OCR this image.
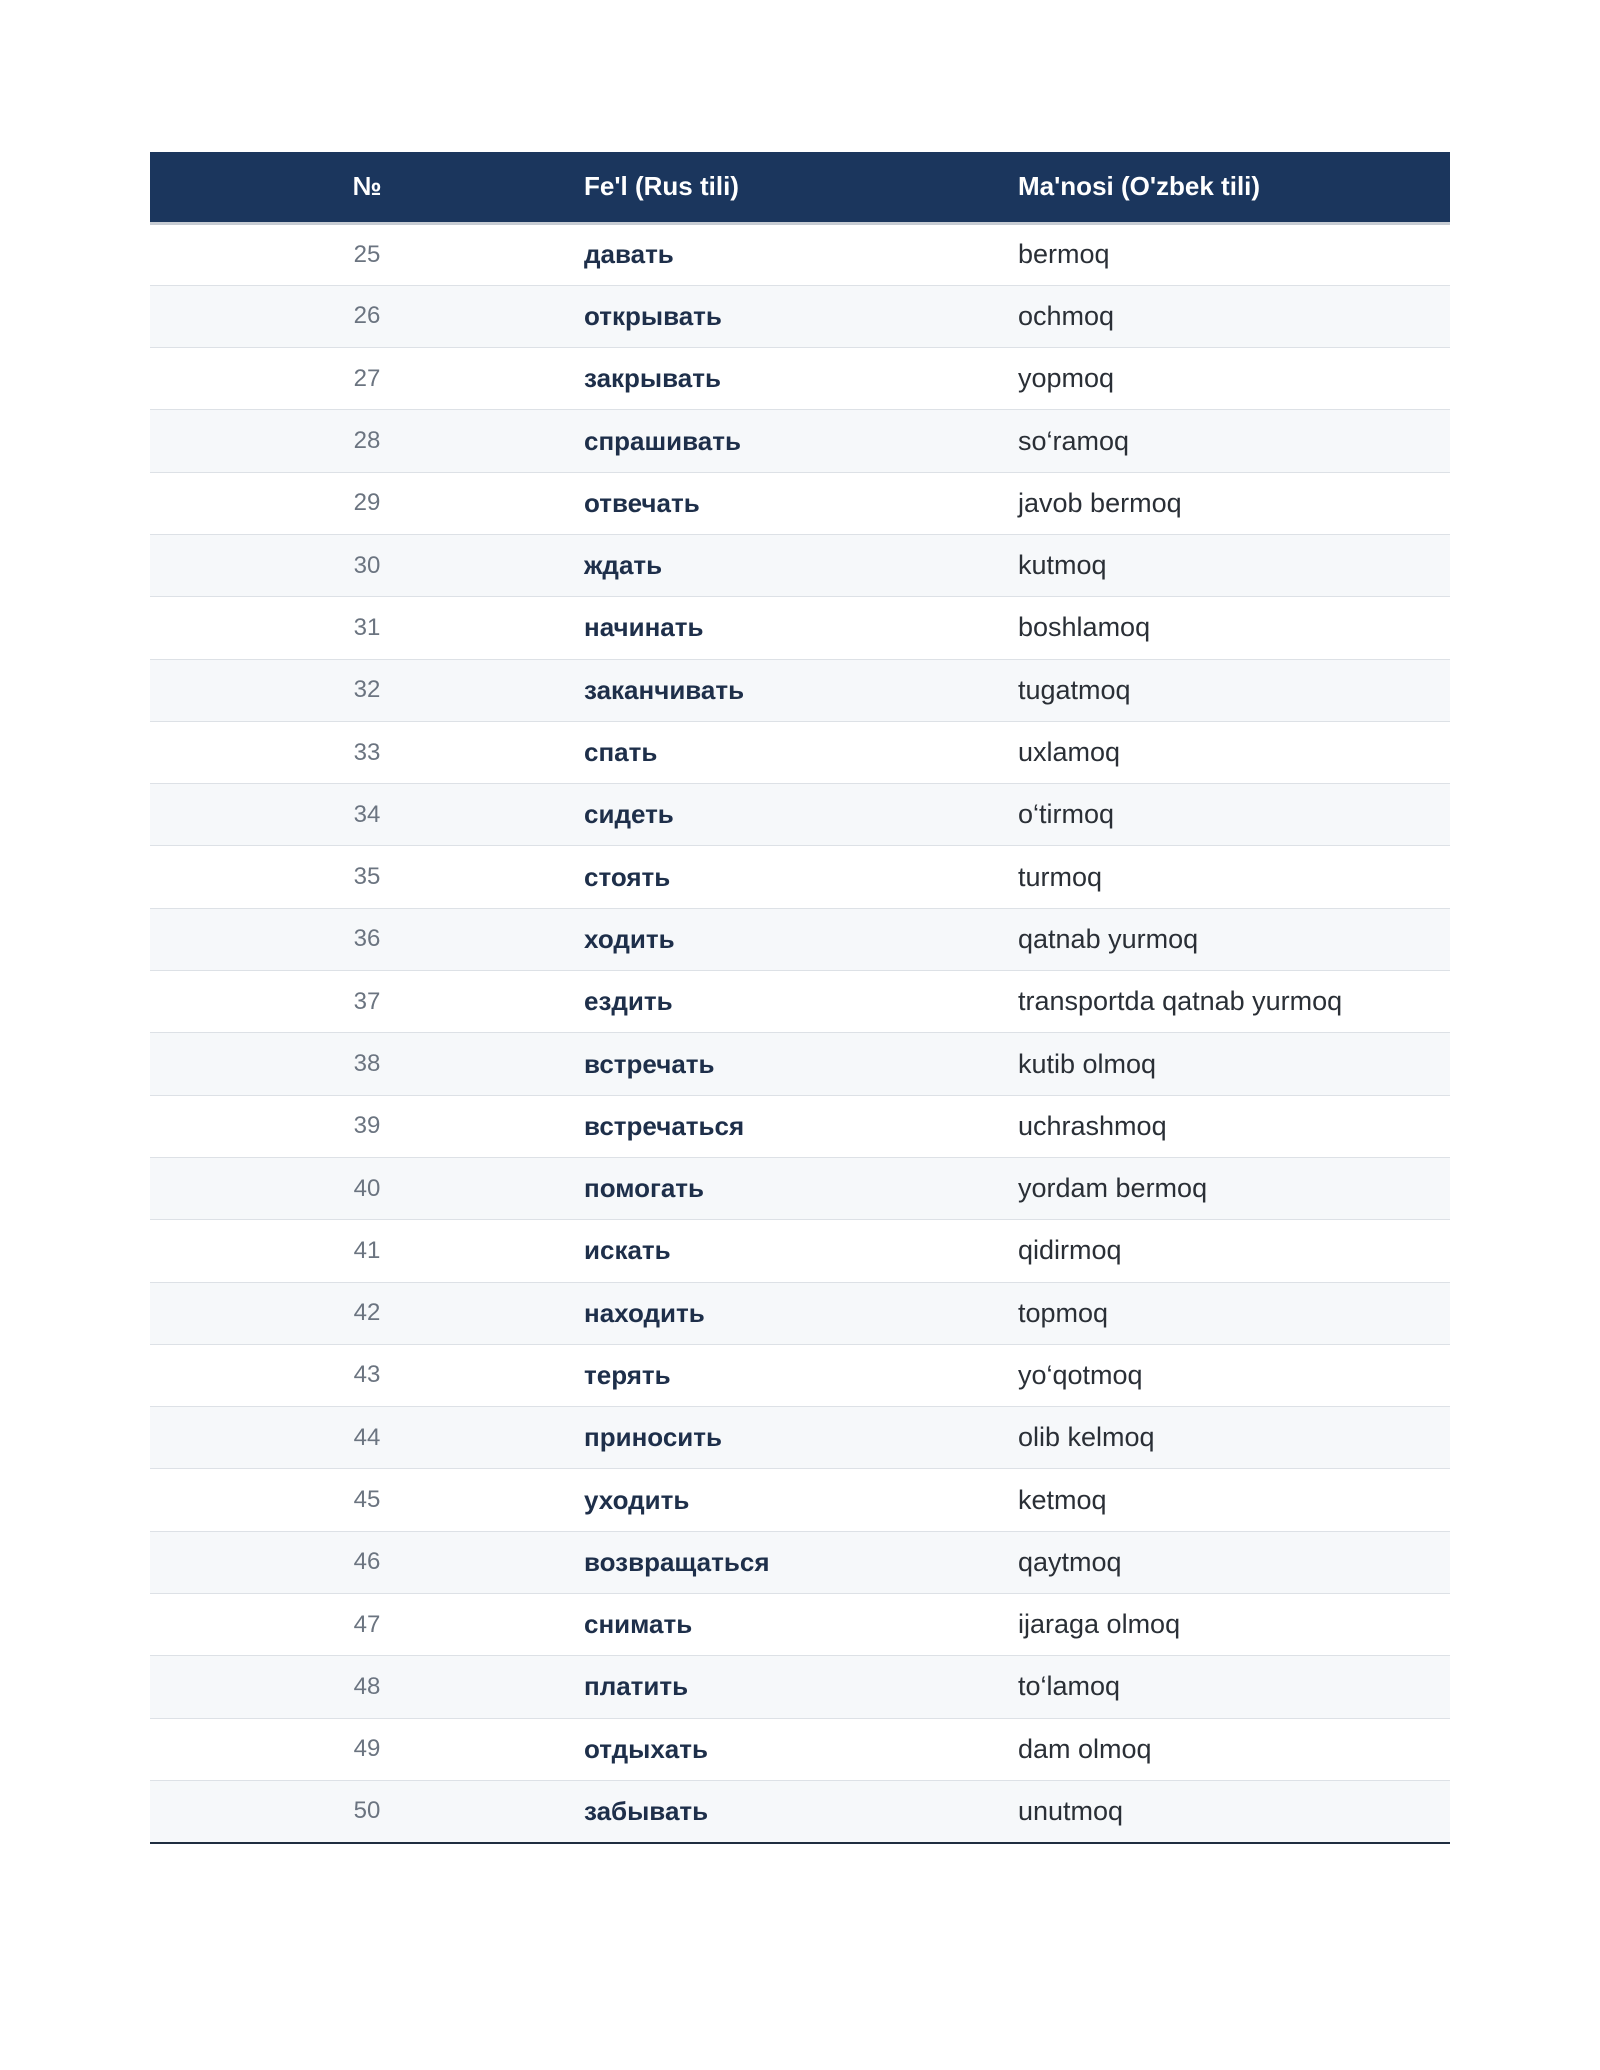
№	Fe'l (Rus tili)	Ma'nosi (O'zbek tili)
25	давать	bermoq
26	открывать	ochmoq
27	закрывать	yopmoq
28	спрашивать	so‘ramoq
29	отвечать	javob bermoq
30	ждать	kutmoq
31	начинать	boshlamoq
32	заканчивать	tugatmoq
33	спать	uxlamoq
34	сидеть	o‘tirmoq
35	стоять	turmoq
36	ходить	qatnab yurmoq
37	ездить	transportda qatnab yurmoq
38	встречать	kutib olmoq
39	встречаться	uchrashmoq
40	помогать	yordam bermoq
41	искать	qidirmoq
42	находить	topmoq
43	терять	yo‘qotmoq
44	приносить	olib kelmoq
45	уходить	ketmoq
46	возвращаться	qaytmoq
47	снимать	ijaraga olmoq
48	платить	to‘lamoq
49	отдыхать	dam olmoq
50	забывать	unutmoq
